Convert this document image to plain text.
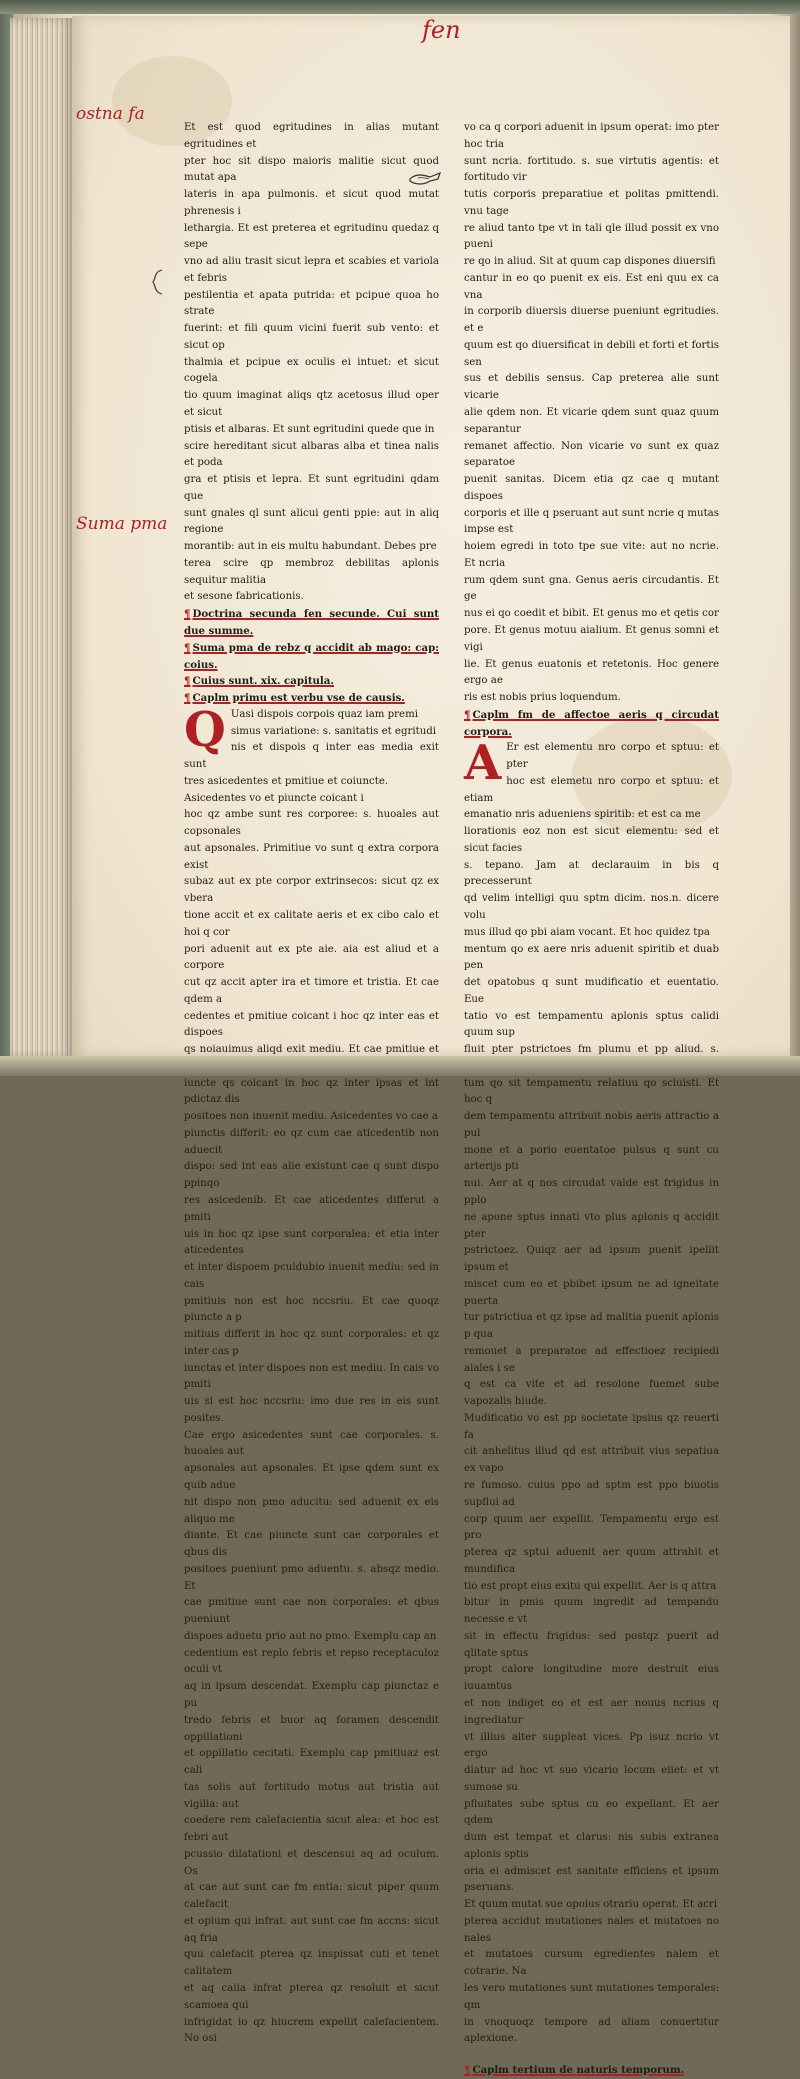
fen
ostna fa
Suma pma

Et est quod egritudines in alias mutant egritudines et

pter hoc sit dispo maioris malitie sicut quod mutat apa

lateris in apa pulmonis. et sicut quod mutat phrenesis i

lethargia. Et est preterea et egritudinu quedaz q sepe

vno ad aliu trasit sicut lepra et scabies et variola et febris

pestilentia et apata putrida: et pcipue quoa ho strate

fuerint: et fili quum vicini fuerit sub vento: et sicut op

thalmia et pcipue ex oculis ei intuet: et sicut cogela

tio quum imaginat aliqs qtz acetosus illud oper et sicut

ptisis et albaras. Et sunt egritudini quede que in

scire hereditant sicut albaras alba et tinea nalis et poda

gra et ptisis et lepra. Et sunt egritudini qdam que

sunt gnales ql sunt alicui genti ppie: aut in aliq regione

morantib: aut in eis multu habundant. Debes pre

terea scire qp membroz debilitas aplonis sequitur malitia

et sesone fabricationis.

¶ Doctrina secunda fen secunde. Cui sunt due summe.

¶ Suma pma de rebz q accidit ab mago: cap: coius.

¶ Cuius sunt. xix. capitula.

¶ Caplm primu est verbu vse de causis.

Q Uasi dispois corpois quaz iam premi

simus variatione: s. sanitatis et egritudi

nis et dispois q inter eas media exit sunt

tres asicedentes et pmitiue et coiuncte.

Asicedentes vo et piuncte coicant i

hoc qz ambe sunt res corporee: s. huoales aut copsonales

aut apsonales. Primitiue vo sunt q extra corpora exist

subaz aut ex pte corpor extrinsecos: sicut qz ex vbera

tione accit et ex calitate aeris et ex cibo calo et hoi q cor

pori aduenit aut ex pte aie. aia est aliud et a corpore

cut qz accit apter ira et timore et tristia. Et cae qdem a

cedentes et pmitiue coicant i hoc qz inter eas et dispoes

qs noiauimus aliqd exit mediu. Et cae pmitiue et

iuncte qs coicant in hoc qz inter ipsas et int pdictaz dis

positoes non inuenit mediu. Asicedentes vo cae a

piunctis differit: eo qz cum cae aticedentib non aduecit

dispo: sed int eas alie existunt cae q sunt dispo ppinqo

res asicedenib. Et cae aticedentes differut a pmiti

uis in hoc qz ipse sunt corporalea: et etia inter aticedentes

et inter dispoem pculdubio inuenit mediu: sed in cais

pmitiuis non est hoc nccsriu. Et cae quoqz piuncte a p

mitiuis differit in hoc qz sunt corporales: et qz inter cas p

iunctas et inter dispoes non est mediu. In cais vo pmiti

uis si est hoc nccsriu: imo due res in eis sunt posites.

Cae ergo asicedentes sunt cae corporales. s. huoales aut

apsonales aut apsonales. Et ipse qdem sunt ex quib adue

nit dispo non pmo aducitu: sed aduenit ex eis aliquo me

diante. Et cae piuncte sunt cae corporales et qbus dis

positoes pueniunt pmo aduentu. s. absqz medio. Et

cae pmitiue sunt cae non corporales: et qbus pueniunt

dispoes aduetu prio aut no pmo. Exemplu cap an

cedentium est replo febris et repso receptaculoz oculi vt

aq in ipsum descendat. Exemplu cap piunctaz e pu

tredo febris et buor aq foramen descendit oppillationi

et oppillatio cecitati. Exemplu cap pmitiuaz est cali

tas solis aut fortitudo motus aut tristia aut vigilia: aut

coedere rem calefacientia sicut alea: et hoc est febri aut

pcussio dilatationi et descensui aq ad oculum. Os

at cae aut sunt cae fm entia: sicut piper quum calefacit

et opium qui infrat. aut sunt cae fm accns: sicut aq fria

quu calefacit pterea qz inspissat cuti et tenet calitatem

et aq calia infrat pterea qz resoluit et sicut scamoea qui

infrigidat io qz hiucrem expellit calefacientem. No osi

vo ca q corpori aduenit in ipsum operat: imo pter hoc tria

sunt ncria. fortitudo. s. sue virtutis agentis: et fortitudo vir

tutis corporis preparatiue et politas pmittendi. vnu tage

re aliud tanto tpe vt in tali qle illud possit ex vno pueni

re qo in aliud. Sit at quum cap dispones diuersifi

cantur in eo qo puenit ex eis. Est eni quu ex ca vna

in corporib diuersis diuerse pueniunt egritudies. et e

quum est qo diuersificat in debili et forti et fortis sen

sus et debilis sensus. Cap preterea alie sunt vicarie

alie qdem non. Et vicarie qdem sunt quaz quum separantur

remanet affectio. Non vicarie vo sunt ex quaz separatoe

puenit sanitas. Dicem etia qz cae q mutant dispoes

corporis et ille q pseruant aut sunt ncrie q mutas impse est

hoiem egredi in toto tpe sue vite: aut no ncrie. Et ncria

rum qdem sunt gna. Genus aeris circudantis. Et ge

nus ei qo coedit et bibit. Et genus mo et qetis cor

pore. Et genus motuu aialium. Et genus somni et vigi

lie. Et genus euatonis et retetonis. Hoc genere ergo ae

ris est nobis prius loquendum.

¶ Caplm fm de affectoe aeris q circudat corpora.

A Er est elementu nro corpo et sptuu: et pter

hoc est elemetu nro corpo et sptuu: et etiam

emanatio nris adueniens spiritib: et est ca me

liorationis eoz non est sicut elementu: sed et sicut facies

s. tepano. Jam at declarauim in bis q precesserunt

qd velim intelligi quu sptm dicim. nos.n. dicere volu

mus illud qo pbi aiam vocant. Et hoc quidez tpa

mentum qo ex aere nris aduenit spiritib et duab pen

det opatobus q sunt mudificatio et euentatio. Eue

tatio vo est tempamentu aplonis sptus calidi quum sup

fluit pter pstrictoes fm plumu et pp aliud. s.

tum qo sit tempamentu relatiuu qo sciuisti. Et hoc q

dem tempamentu attribuit nobis aeris attractio a pul

mone et a porio euentatoe pulsus q sunt cu arterijs pti

nui. Aer at q nos circudat valde est frigidus in pplo

ne apone sptus innati vto plus aplonis q accidit pter

pstrictoez. Quiqz aer ad ipsum puenit ipellit ipsum et

miscet cum eo et pbibet ipsum ne ad igneitate puerta

tur pstrictiua et qz ipse ad malitia puenit aplonis p qua

remouet a preparatoe ad effectioez recipiedi aiales i se

q est ca vite et ad resolone fuemet sube vapozalis hiude.

Mudificatio vo est pp societate ipsius qz reuerti fa

cit anhelitus illud qd est attribuit vius sepatiua ex vapo

re fumoso. cuius ppo ad sptm est ppo biuotis supflui ad

corp quum aer expellit. Tempamentu ergo est pro

pterea qz sptui aduenit aer quum attrahit et mundifica

tio est propt eius exitu qui expellit. Aer is q attra

bitur in pmis quum ingredit ad tempandu necesse e vt

sit in effectu frigidus: sed postqz puerit ad qlitate sptus

propt calore longitudine more destruit eius iuuamtus

et non indiget eo et est aer nouus ncrius q ingrediatur

vt illius alter suppleat vices. Pp isuz ncrio vt ergo

diatur ad hoc vt suo vicario locum eiiet: et vt sumose su

pfluitates sube sptus cu eo expellant. Et aer qdem

dum est tempat et clarus: nis subis extranea aplonis sptis

oria ei admiscet est sanitate efficiens et ipsum pseruans.

Et quum mutat sue opoius otrariu operat. Et acri

pterea accidut mutationes nales et mutatoes no nales

et mutatoes cursum egredientes nalem et cotrarie. Na

les vero mutationes sunt mutationes temporales: qm

in vnoquoqz tempore ad aliam conuertitur aplexione.

¶ Caplm tertium de naturis temporum.
